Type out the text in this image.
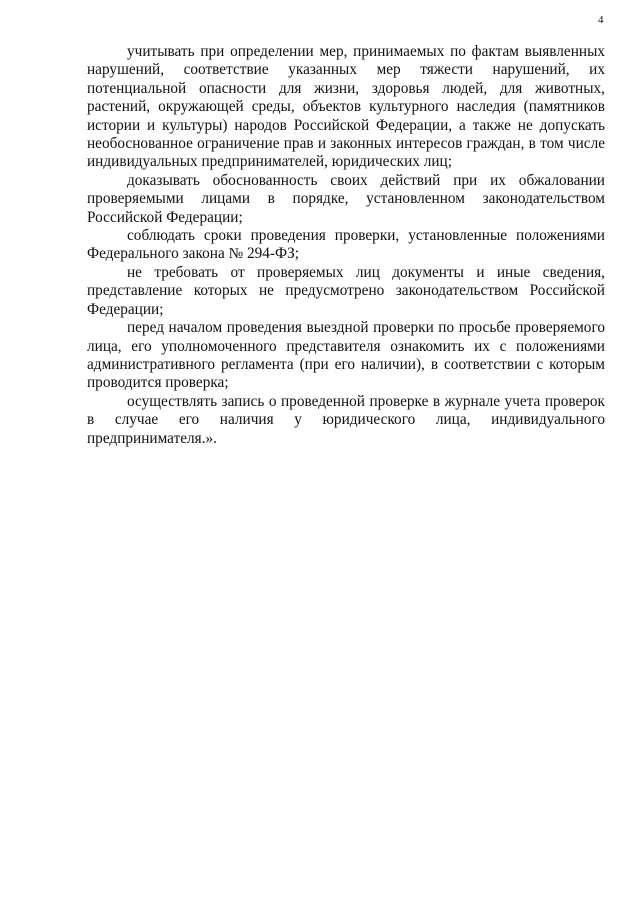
4

учитывать при определении мер, принимаемых по фактам выявленных нарушений, соответствие указанных мер тяжести нарушений, их потенциальной опасности для жизни, здоровья людей, для животных, растений, окружающей среды, объектов культурного наследия (памятников истории и культуры) народов Российской Федерации, а также не допускать необоснованное ограничение прав и законных интересов граждан, в том числе индивидуальных предпринимателей, юридических лиц;

доказывать обоснованность своих действий при их обжаловании проверяемыми лицами в порядке, установленном законодательством Российской Федерации;

соблюдать сроки проведения проверки, установленные положениями Федерального закона № 294-ФЗ;

не требовать от проверяемых лиц документы и иные сведения, представление которых не предусмотрено законодательством Российской Федерации;

перед началом проведения выездной проверки по просьбе проверяемого лица, его уполномоченного представителя ознакомить их с положениями административного регламента (при его наличии), в соответствии с которым проводится проверка;

осуществлять запись о проведенной проверке в журнале учета проверок в случае его наличия у юридического лица, индивидуального предпринимателя.».
